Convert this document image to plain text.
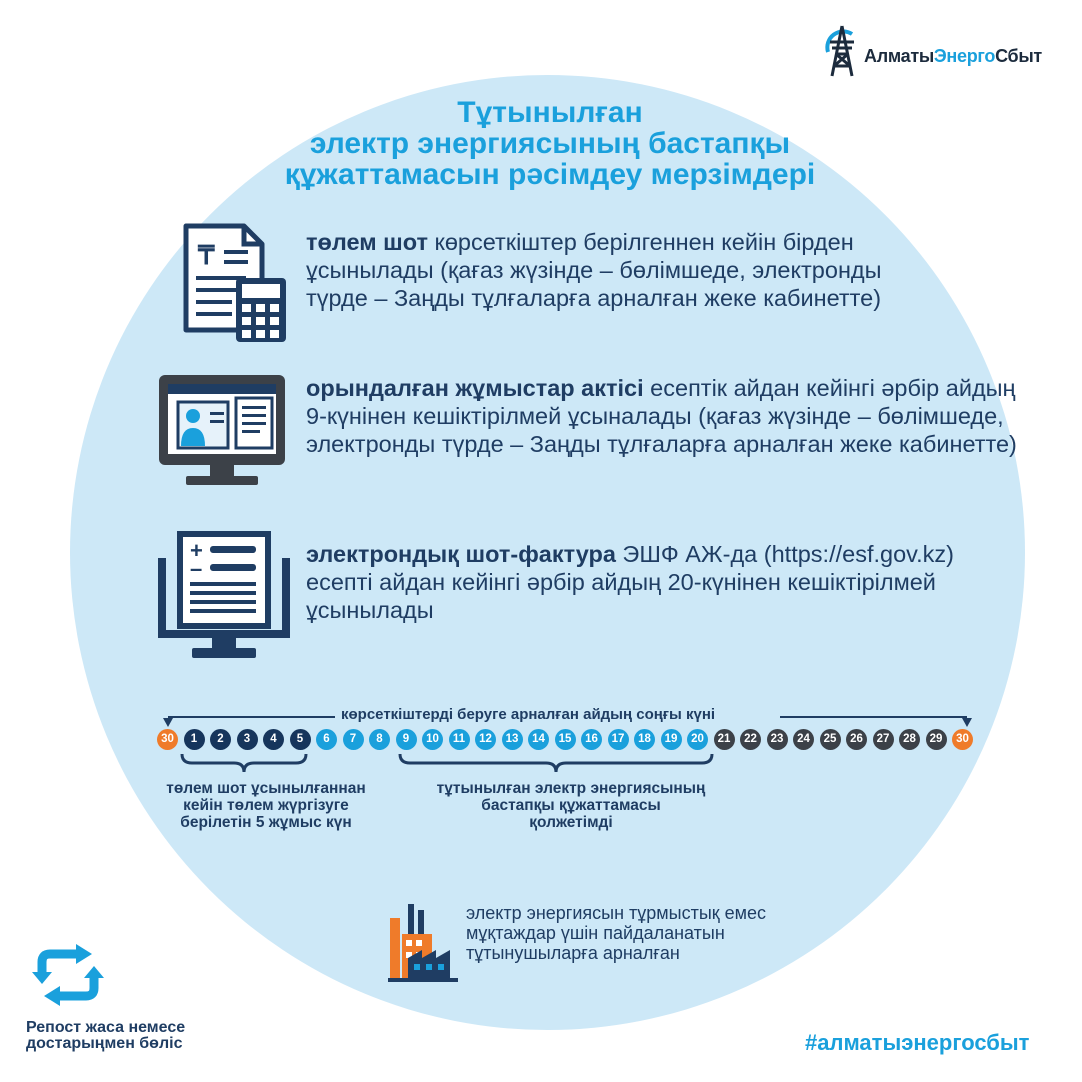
АлматыЭнергоСбыт
Тұтынылған
электр энергиясының бастапқы
құжаттамасын рәсімдеу мерзімдері
₸	төлем шот көрсеткіштер берілгеннен кейін бірден ұсынылады (қағаз жүзінде – бөлімшеде, электронды түрде – Заңды тұлғаларға арналған жеке кабинетте)
орындалған жұмыстар актісі есептік айдан кейінгі әрбір айдың 9-күнінен кешіктірілмей ұсыналады (қағаз жүзінде – бөлімшеде, электронды түрде – Заңды тұлғаларға арналған жеке кабинетте)
+
–
электрондық шот-фактура ЭШФ АЖ-да (https://esf.gov.kz) есепті айдан кейінгі әрбір айдың 20-күнінен кешіктірілмей ұсынылады
көрсеткіштерді беруге арналған айдың соңғы күні
30	1	2	3	4	5	6	7	8	9	10	11	12	13	14	15	16	17	18	19	20	21	22	23	24	25	26	27	28	29	30
төлем шот ұсынылғаннан
кейін төлем жүргізуге
берілетін 5 жұмыс күн
тұтынылған электр энергиясының
бастапқы құжаттамасы
қолжетімді
электр энергиясын тұрмыстық емес мұқтаждар үшін пайдаланатын тұтынушыларға арналған
Репост жаса немесе
достарыңмен бөліс	#алматыэнергосбыт
